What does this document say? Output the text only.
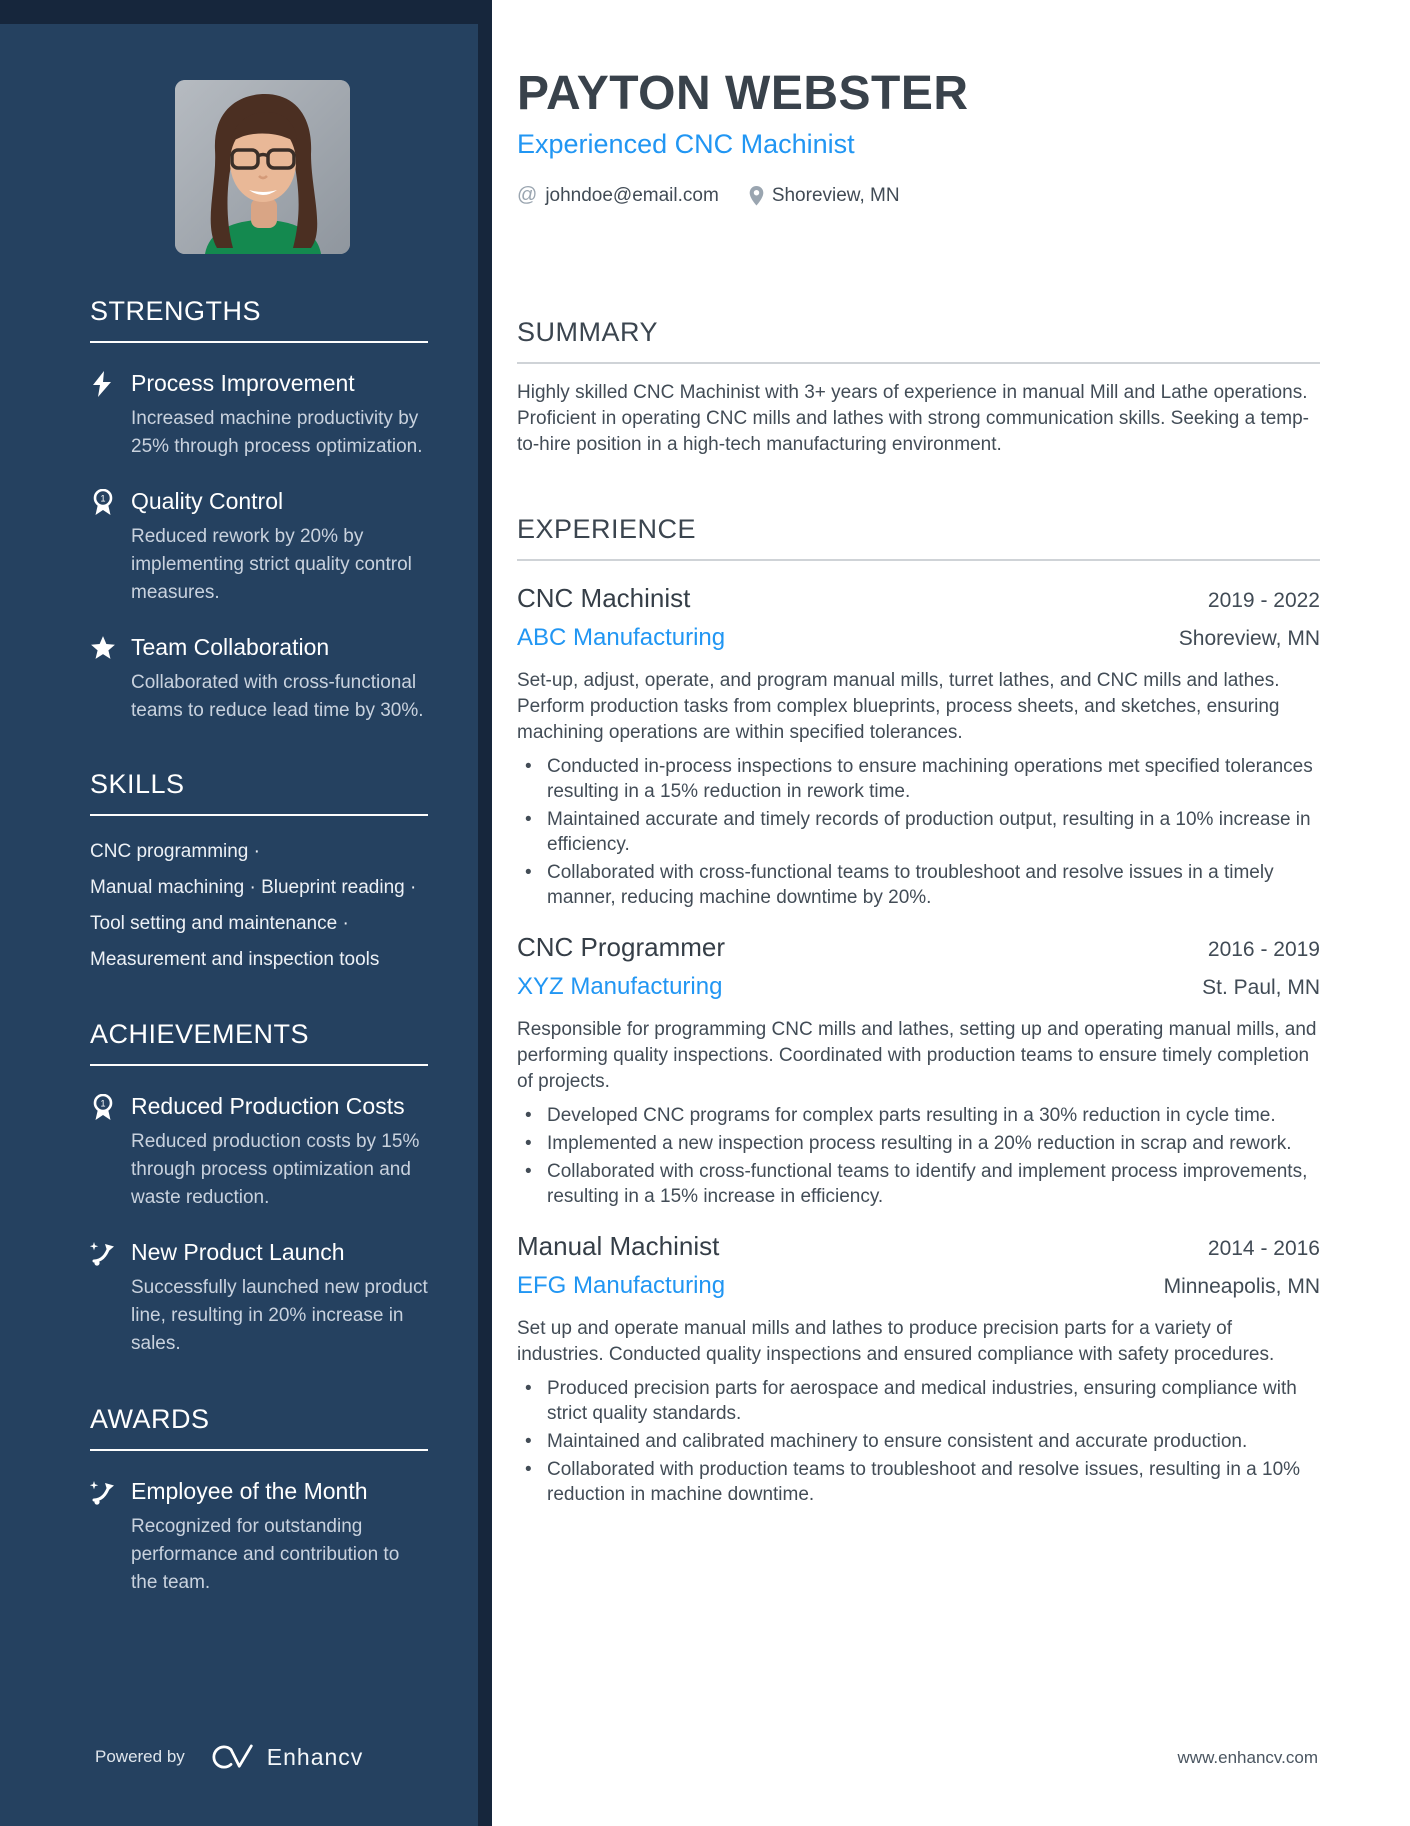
STRENGTHS
Process Improvement
Increased machine productivity by 25% through process optimization.
1 Quality Control
Reduced rework by 20% by implementing strict quality control measures.
Team Collaboration
Collaborated with cross-functional teams to reduce lead time by 30%.
SKILLS
CNC programming ·
Manual machining · Blueprint reading ·
Tool setting and maintenance ·
Measurement and inspection tools
ACHIEVEMENTS
1 Reduced Production Costs
Reduced production costs by 15% through process optimization and waste reduction.
New Product Launch
Successfully launched new product line, resulting in 20% increase in sales.
AWARDS
Employee of the Month
Recognized for outstanding performance and contribution to the team.
Powered by	Enhancv
PAYTON WEBSTER
Experienced CNC Machinist
@ johndoe@email.com	Shoreview, MN
SUMMARY

Highly skilled CNC Machinist with 3+ years of experience in manual Mill and Lathe operations. Proficient in operating CNC mills and lathes with strong communication skills. Seeking a temp-to-hire position in a high-tech manufacturing environment.

EXPERIENCE
CNC Machinist	2019 - 2022
ABC Manufacturing	Shoreview, MN

Set-up, adjust, operate, and program manual mills, turret lathes, and CNC mills and lathes. Perform production tasks from complex blueprints, process sheets, and sketches, ensuring machining operations are within specified tolerances.

• Conducted in-process inspections to ensure machining operations met specified tolerances resulting in a 15% reduction in rework time.
• Maintained accurate and timely records of production output, resulting in a 10% increase in efficiency.
• Collaborated with cross-functional teams to troubleshoot and resolve issues in a timely manner, reducing machine downtime by 20%.
CNC Programmer	2016 - 2019
XYZ Manufacturing	St. Paul, MN

Responsible for programming CNC mills and lathes, setting up and operating manual mills, and performing quality inspections. Coordinated with production teams to ensure timely completion of projects.

• Developed CNC programs for complex parts resulting in a 30% reduction in cycle time.
• Implemented a new inspection process resulting in a 20% reduction in scrap and rework.
• Collaborated with cross-functional teams to identify and implement process improvements, resulting in a 15% increase in efficiency.
Manual Machinist	2014 - 2016
EFG Manufacturing	Minneapolis, MN

Set up and operate manual mills and lathes to produce precision parts for a variety of industries. Conducted quality inspections and ensured compliance with safety procedures.

• Produced precision parts for aerospace and medical industries, ensuring compliance with strict quality standards.
• Maintained and calibrated machinery to ensure consistent and accurate production.
• Collaborated with production teams to troubleshoot and resolve issues, resulting in a 10% reduction in machine downtime.
www.enhancv.com
